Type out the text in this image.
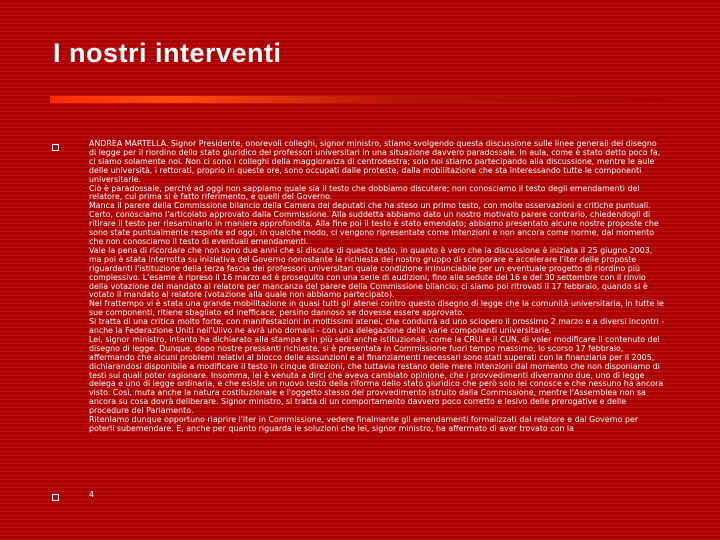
I nostri interventi
ANDREA MARTELLA. Signor Presidente, onorevoli colleghi, signor ministro, stiamo svolgendo questa discussione sulle linee generali del disegno di legge per il riordino dello stato giuridico dei professori universitari in una situazione davvero paradossale. In aula, come è stato detto poco fa, ci siamo solamente noi. Non ci sono i colleghi della maggioranza di centrodestra; solo noi stiamo partecipando alla discussione, mentre le aule delle università, i rettorati, proprio in queste ore, sono occupati dalle proteste, dalla mobilitazione che sta interessando tutte le componenti universitarie.
Ciò è paradossale, perché ad oggi non sappiamo quale sia il testo che dobbiamo discutere; non conosciamo il testo degli emendamenti del relatore, cui prima si è fatto riferimento, e quelli del Governo.
Manca il parere della Commissione bilancio della Camera dei deputati che ha steso un primo testo, con molte osservazioni e critiche puntuali. Certo, conosciamo l'articolato approvato dalla Commissione. Alla suddetta abbiamo dato un nostro motivato parere contrario, chiedendogli di ritirare il testo per riesaminarlo in maniera approfondita. Alla fine poi il testo è stato emendato; abbiamo presentato alcune nostre proposte che sono state puntualmente respinte ed oggi, in qualche modo, ci vengono ripresentate come intenzioni e non ancora come norme, dal momento che non conosciamo il testo di eventuali emendamenti.
Vale la pena di ricordare che non sono due anni che si discute di questo testo, in quanto è vero che la discussione è iniziata il 25 giugno 2003, ma poi è stata interrotta su iniziativa del Governo nonostante la richiesta del nostro gruppo di scorporare e accelerare l'iter delle proposte riguardanti l'istituzione della terza fascia dei professori universitari quale condizione irrinunciabile per un eventuale progetto di riordino più complessivo. L'esame è ripreso il 16 marzo ed è proseguito con una serie di audizioni, fino alle sedute del 16 e del 30 settembre con il rinvio della votazione del mandato al relatore per mancanza del parere della Commissione bilancio; ci siamo poi ritrovati il 17 febbraio, quando si è votato il mandato al relatore (votazione alla quale non abbiamo partecipato).
Nel frattempo vi è stata una grande mobilitazione in quasi tutti gli atenei contro questo disegno di legge che la comunità universitaria, in tutte le sue componenti, ritiene sbagliato ed inefficace, persino dannoso se dovesse essere approvato.
Si tratta di una critica molto forte, con manifestazioni in moltissimi atenei, che condurrà ad uno sciopero il prossimo 2 marzo e a diversi incontri - anche la Federazione Uniti nell'Ulivo ne avrà uno domani - con una delegazione delle varie componenti universitarie.
Lei, signor ministro, intanto ha dichiarato alla stampa e in più sedi anche istituzionali, come la CRUI e il CUN, di voler modificare il contenuto del disegno di legge. Dunque, dopo nostre pressanti richieste, si è presentata in Commissione fuori tempo massimo, lo scorso 17 febbraio, affermando che alcuni problemi relativi al blocco delle assunzioni e al finanziamenti necessari sono stati superati con la finanziaria per il 2005, dichiarandosi disponibile a modificare il testo in cinque direzioni, che tuttavia restano delle mere intenzioni dal momento che non disponiamo di testi sui quali poter ragionare. Insomma, lei è venuta a dirci che aveva cambiato opinione, che i provvedimenti diverranno due, uno di legge delega e uno di legge ordinaria, e che esiste un nuovo testo della riforma dello stato giuridico che però solo lei conosce e che nessuno ha ancora visto. Così, muta anche la natura costituzionale e l'oggetto stesso del provvedimento istruito dalla Commissione, mentre l'Assemblea non sa ancora su cosa dovrà deliberare. Signor ministro, si tratta di un comportamento davvero poco corretto e lesivo delle prerogative e delle procedure del Parlamento.
Ritenlamo dunque opportuno riaprire l'iter in Commissione, vedere finalmente gli emendamenti formalizzati dal relatore e dal Governo per poterli subemendare. E, anche per quanto riguarda le soluzioni che lei, signor ministro, ha affermato di aver trovato con la
4
